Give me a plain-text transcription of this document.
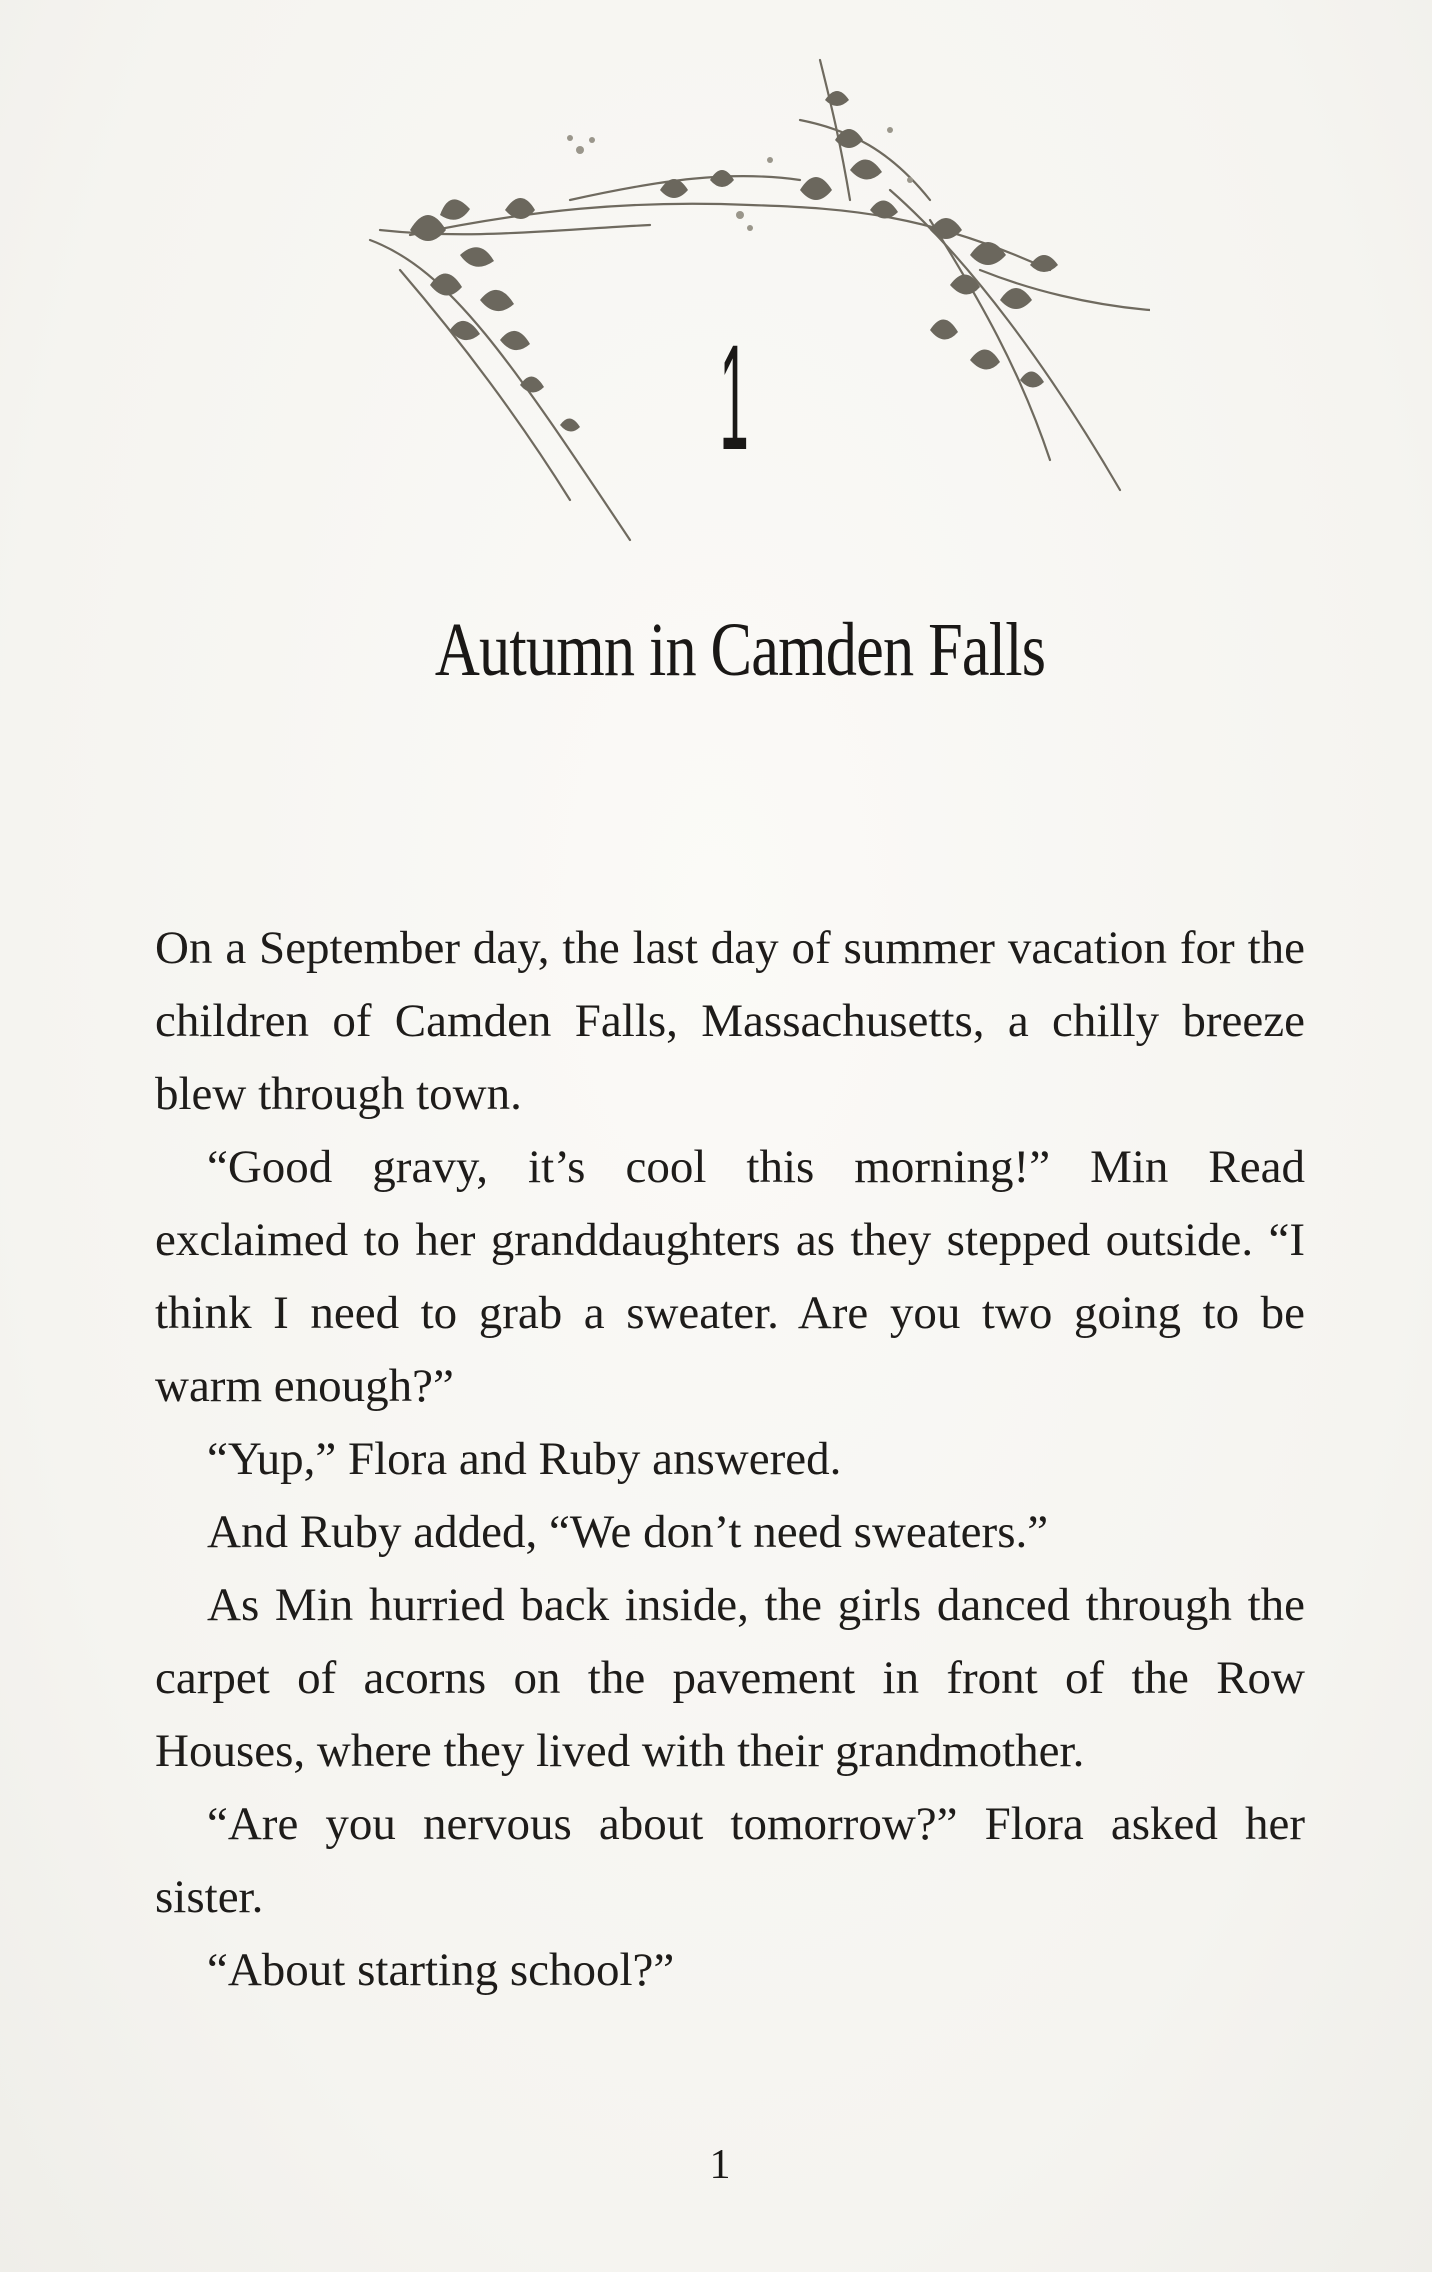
1
Autumn in Camden Falls

On a September day, the last day of summer vacation for the children of Camden Falls, Massachusetts, a chilly breeze blew through town.

“Good gravy, it’s cool this morning!” Min Read exclaimed to her granddaughters as they stepped outside. “I think I need to grab a sweater. Are you two going to be warm enough?”

“Yup,” Flora and Ruby answered.

And Ruby added, “We don’t need sweaters.”

As Min hurried back inside, the girls danced through the carpet of acorns on the pavement in front of the Row Houses, where they lived with their grandmother.

“Are you nervous about tomorrow?” Flora asked her sister.

“About starting school?”

1
